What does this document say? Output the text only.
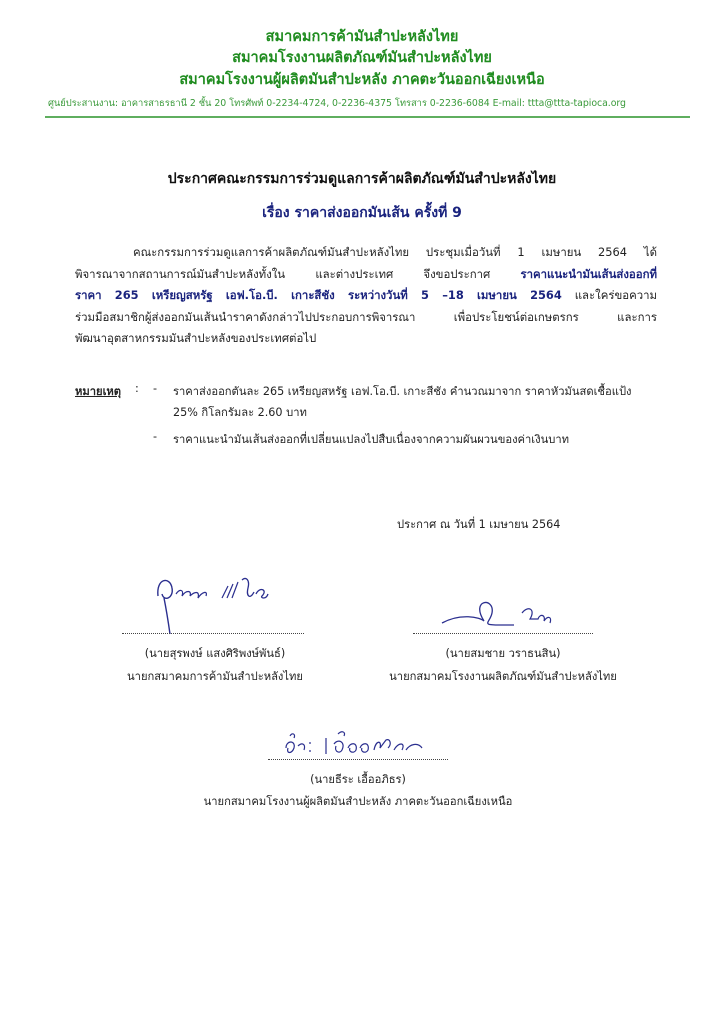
สมาคมการค้ามันสำปะหลังไทย
สมาคมโรงงานผลิตภัณฑ์มันสำปะหลังไทย
สมาคมโรงงานผู้ผลิตมันสำปะหลัง ภาคตะวันออกเฉียงเหนือ
ศูนย์ประสานงาน: อาคารสาธรธานี 2 ชั้น 20 โทรศัพท์ 0-2234-4724, 0-2236-4375 โทรสาร 0-2236-6084 E-mail: ttta@ttta-tapioca.org
ประกาศคณะกรรมการร่วมดูแลการค้าผลิตภัณฑ์มันสำปะหลังไทย
เรื่อง ราคาส่งออกมันเส้น ครั้งที่ 9
คณะกรรมการร่วมดูแลการค้าผลิตภัณฑ์มันสำปะหลังไทย ประชุมเมื่อวันที่ 1 เมษายน 2564 ได้
พิจารณาจากสถานการณ์มันสำปะหลังทั้งใน และต่างประเทศ จึงขอประกาศ ราคาแนะนำมันเส้นส่งออกที่
ราคา 265 เหรียญสหรัฐ เอฟ.โอ.บี. เกาะสีชัง ระหว่างวันที่ 5 –18 เมษายน 2564 และใคร่ขอความ
ร่วมมือสมาชิกผู้ส่งออกมันเส้นนำราคาดังกล่าวไปประกอบการพิจารณา เพื่อประโยชน์ต่อเกษตรกร และการ
พัฒนาอุตสาหกรรมมันสำปะหลังของประเทศต่อไป
หมายเหตุ : - ราคาส่งออกตันละ 265 เหรียญสหรัฐ เอฟ.โอ.บี. เกาะสีชัง คำนวณมาจาก ราคาหัวมันสดเชื้อแป้ง
25% กิโลกรัมละ 2.60 บาท
- ราคาแนะนำมันเส้นส่งออกที่เปลี่ยนแปลงไปสืบเนื่องจากความผันผวนของค่าเงินบาท
ประกาศ ณ วันที่ 1 เมษายน 2564
(นายสุรพงษ์ แสงศิริพงษ์พันธ์)
นายกสมาคมการค้ามันสำปะหลังไทย
(นายสมชาย วราธนสิน)
นายกสมาคมโรงงานผลิตภัณฑ์มันสำปะหลังไทย
(นายธีระ เอื้ออภิธร)
นายกสมาคมโรงงานผู้ผลิตมันสำปะหลัง ภาคตะวันออกเฉียงเหนือ
